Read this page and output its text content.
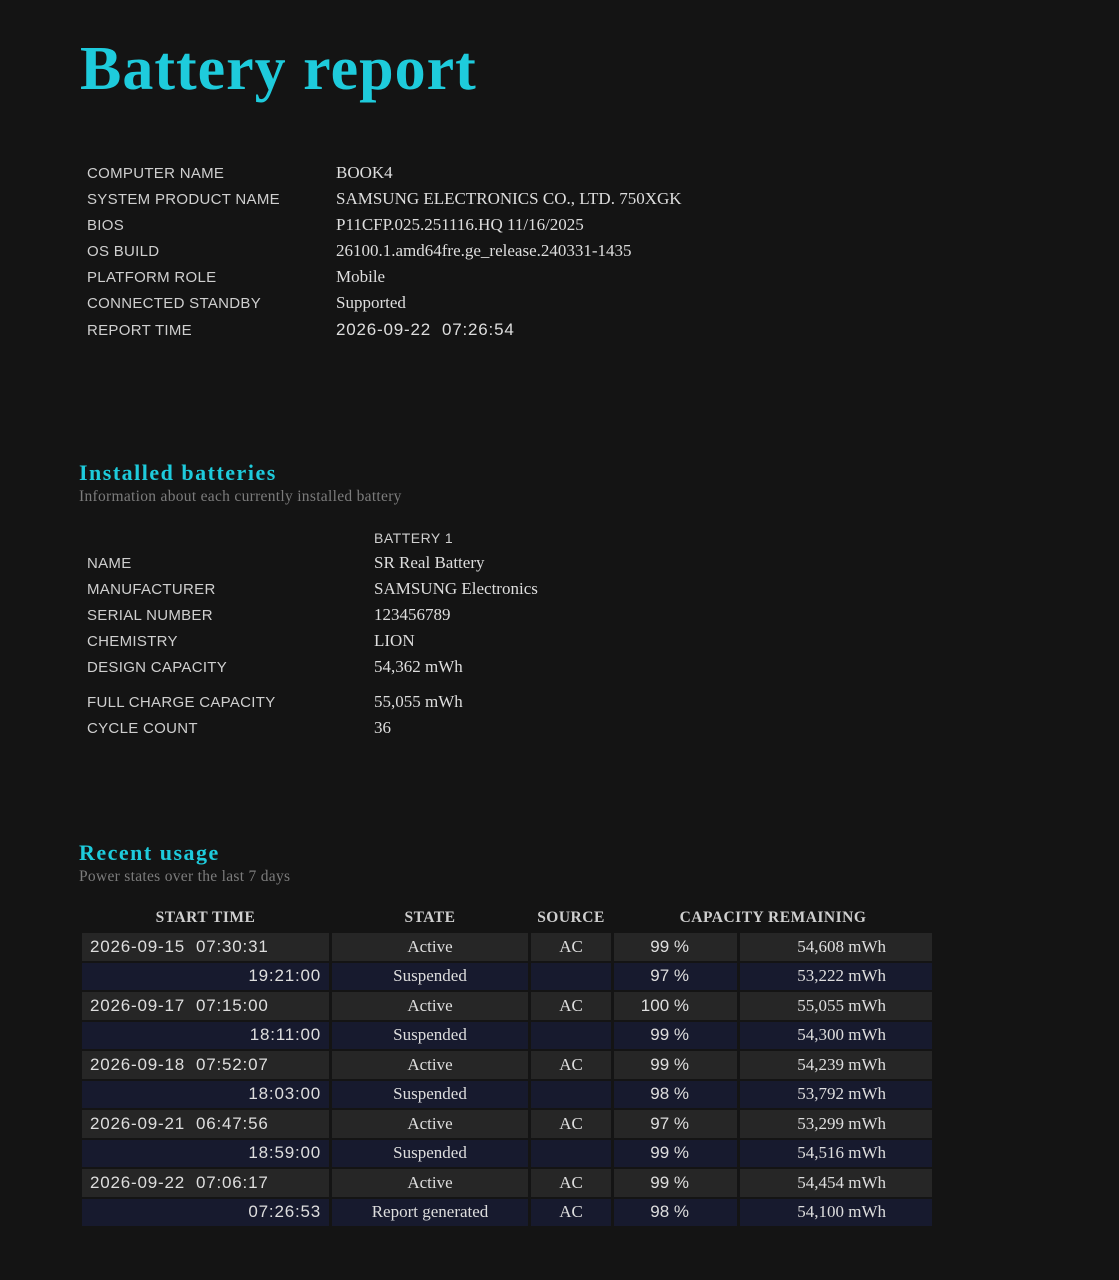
Battery report
COMPUTER NAME	BOOK4
SYSTEM PRODUCT NAME	SAMSUNG ELECTRONICS CO., LTD. 750XGK
BIOS	P11CFP.025.251116.HQ 11/16/2025
OS BUILD	26100.1.amd64fre.ge_release.240331-1435
PLATFORM ROLE	Mobile
CONNECTED STANDBY	Supported
REPORT TIME	2026-09-22  07:26:54
Installed batteries
Information about each currently installed battery
BATTERY 1
NAME	SR Real Battery
MANUFACTURER	SAMSUNG Electronics
SERIAL NUMBER	123456789
CHEMISTRY	LION
DESIGN CAPACITY	54,362 mWh
FULL CHARGE CAPACITY	55,055 mWh
CYCLE COUNT	36
Recent usage
Power states over the last 7 days
START TIME	STATE	SOURCE	CAPACITY REMAINING	
2026-09-15  07:30:31	Active	AC	99 %	54,608 mWh
19:21:00	Suspended		97 %	53,222 mWh
2026-09-17  07:15:00	Active	AC	100 %	55,055 mWh
18:11:00	Suspended		99 %	54,300 mWh
2026-09-18  07:52:07	Active	AC	99 %	54,239 mWh
18:03:00	Suspended		98 %	53,792 mWh
2026-09-21  06:47:56	Active	AC	97 %	53,299 mWh
18:59:00	Suspended		99 %	54,516 mWh
2026-09-22  07:06:17	Active	AC	99 %	54,454 mWh
07:26:53	Report generated	AC	98 %	54,100 mWh
